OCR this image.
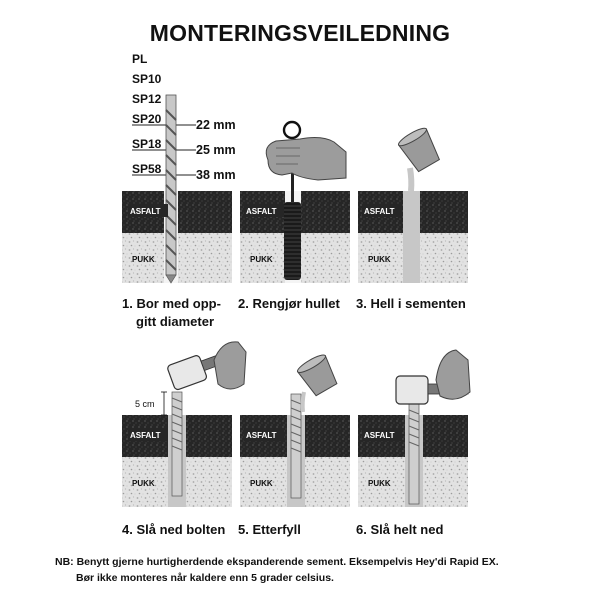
MONTERINGSVEILEDNING
PL
SP10
SP12
SP20
SP18
SP58
22 mm
25 mm
38 mm
ASFALT
PUKK
ASFALT
PUKK
ASFALT
PUKK
5 cm
ASFALT
PUKK
ASFALT
PUKK
ASFALT
PUKK
1. Bor med opp-
gitt diameter
2. Rengjør hullet 3. Hell i sementen
4. Slå ned bolten 5. Etterfyll	6. Slå helt ned
NB: Benytt gjerne hurtigherdende ekspanderende sement. Eksempelvis Hey'di Rapid EX.
Bør ikke monteres når kaldere enn 5 grader celsius.
